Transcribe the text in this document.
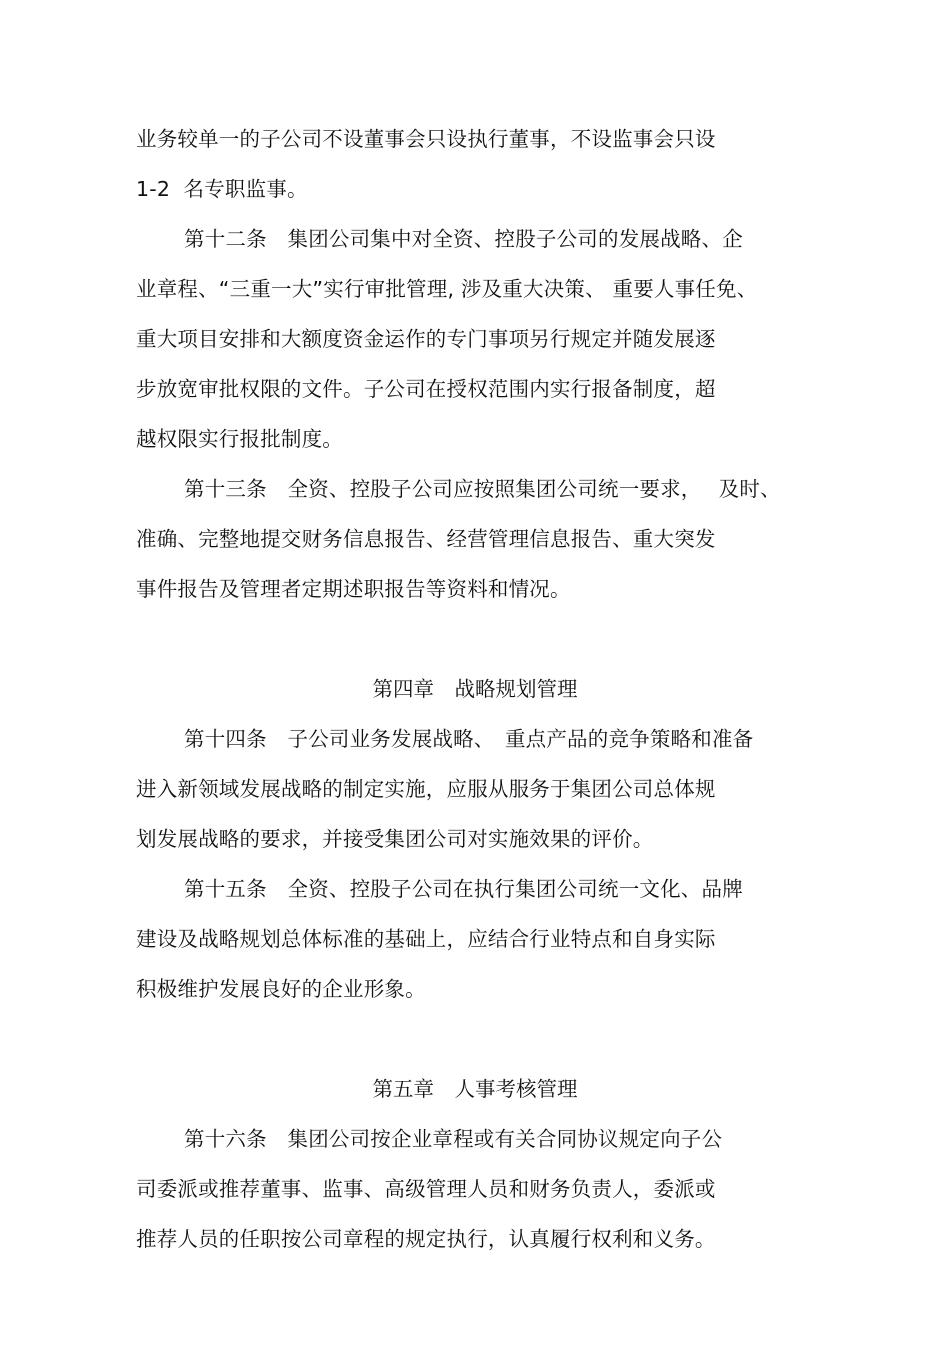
业务较单一的子公司不设董事会只设执行董事，不设监事会只设
1-2  名专职监事。
第十二条　集团公司集中对全资、控股子公司的发展战略、企
业章程、“三重一大”实行审批管理, 涉及重大决策、 重要人事任免、
重大项目安排和大额度资金运作的专门事项另行规定并随发展逐
步放宽审批权限的文件。子公司在授权范围内实行报备制度，超
越权限实行报批制度。
第十三条　全资、控股子公司应按照集团公司统一要求，　 及时、
准确、完整地提交财务信息报告、经营管理信息报告、重大突发
事件报告及管理者定期述职报告等资料和情况。
第四章　战略规划管理
第十四条　子公司业务发展战略、　重点产品的竞争策略和准备
进入新领域发展战略的制定实施，应服从服务于集团公司总体规
划发展战略的要求，并接受集团公司对实施效果的评价。
第十五条　全资、控股子公司在执行集团公司统一文化、品牌
建设及战略规划总体标准的基础上，应结合行业特点和自身实际
积极维护发展良好的企业形象。
第五章　人事考核管理
第十六条　集团公司按企业章程或有关合同协议规定向子公
司委派或推荐董事、监事、高级管理人员和财务负责人，委派或
推荐人员的任职按公司章程的规定执行，认真履行权利和义务。
